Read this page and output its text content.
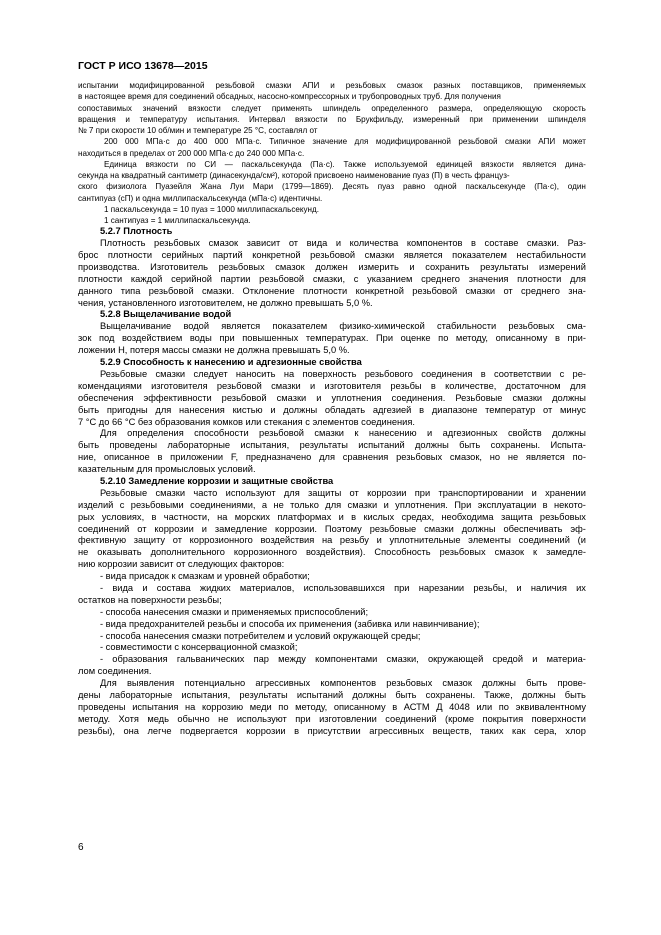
ГОСТ Р ИСО 13678—2015
испытании модифицированной резьбовой смазки АПИ и резьбовых смазок разных поставщиков, применяемых
в настоящее время для соединений обсадных, насосно-компрессорных и трубопроводных труб. Для получения
сопоставимых значений вязкости следует применять шпиндель определенного размера, определяющую скорость
вращения и температуру испытания. Интервал вязкости по Брукфильду, измеренный при применении шпинделя
№ 7 при скорости 10 об/мин и температуре 25 °С, составлял от
200 000 МПа·с до 400 000 МПа·с. Типичное значение для модифицированной резьбовой смазки АПИ может
находиться в пределах от 200 000 МПа·с до 240 000 МПа·с.
Единица вязкости по СИ — паскальсекунда (Па·с). Также используемой единицей вязкости является дина-
секунда на квадратный сантиметр (динасекунда/см²), которой присвоено наименование пуаз (П) в честь француз-
ского физиолога Пуазейля Жана Луи Мари (1799—1869). Десять пуаз равно одной паскальсекунде (Па·с), один
сантипуаз (сП) и одна миллипаскальсекунда (мПа·с) идентичны.
1 паскальсекунда = 10 пуаз = 1000 миллипаскальсекунд.
1 сантипуаз = 1 миллипаскальсекунда.
5.2.7 Плотность
Плотность резьбовых смазок зависит от вида и количества компонентов в составе смазки. Раз-
брос плотности серийных партий конкретной резьбовой смазки является показателем нестабильности
производства. Изготовитель резьбовых смазок должен измерить и сохранить результаты измерений
плотности каждой серийной партии резьбовой смазки, с указанием среднего значения плотности для
данного типа резьбовой смазки. Отклонение плотности конкретной резьбовой смазки от среднего зна-
чения, установленного изготовителем, не должно превышать 5,0 %.
5.2.8 Выщелачивание водой
Выщелачивание водой является показателем физико-химической стабильности резьбовых сма-
зок под воздействием воды при повышенных температурах. При оценке по методу, описанному в при-
ложении Н, потеря массы смазки не должна превышать 5,0 %.
5.2.9 Способность к нанесению и адгезионные свойства
Резьбовые смазки следует наносить на поверхность резьбового соединения в соответствии с ре-
комендациями изготовителя резьбовой смазки и изготовителя резьбы в количестве, достаточном для
обеспечения эффективности резьбовой смазки и уплотнения соединения. Резьбовые смазки должны
быть пригодны для нанесения кистью и должны обладать адгезией в диапазоне температур от минус
7 °С до 66 °С без образования комков или стекания с элементов соединения.
Для определения способности резьбовой смазки к нанесению и адгезионных свойств должны
быть проведены лабораторные испытания, результаты испытаний должны быть сохранены. Испыта-
ние, описанное в приложении F, предназначено для сравнения резьбовых смазок, но не является по-
казательным для промысловых условий.
5.2.10 Замедление коррозии и защитные свойства
Резьбовые смазки часто используют для защиты от коррозии при транспортировании и хранении
изделий с резьбовыми соединениями, а не только для смазки и уплотнения. При эксплуатации в некото-
рых условиях, в частности, на морских платформах и в кислых средах, необходима защита резьбовых
соединений от коррозии и замедление коррозии. Поэтому резьбовые смазки должны обеспечивать эф-
фективную защиту от коррозионного воздействия на резьбу и уплотнительные элементы соединений (и
не оказывать дополнительного коррозионного воздействия). Способность резьбовых смазок к замедле-
нию коррозии зависит от следующих факторов:
- вида присадок к смазкам и уровней обработки;
- вида и состава жидких материалов, использовавшихся при нарезании резьбы, и наличия их
остатков на поверхности резьбы;
- способа нанесения смазки и применяемых приспособлений;
- вида предохранителей резьбы и способа их применения (забивка или навинчивание);
- способа нанесения смазки потребителем и условий окружающей среды;
- совместимости с консервационной смазкой;
- образования гальванических пар между компонентами смазки, окружающей средой и материа-
лом соединения.
Для выявления потенциально агрессивных компонентов резьбовых смазок должны быть прове-
дены лабораторные испытания, результаты испытаний должны быть сохранены. Также, должны быть
проведены испытания на коррозию меди по методу, описанному в АСТМ Д 4048 или по эквивалентному
методу. Хотя медь обычно не используют при изготовлении соединений (кроме покрытия поверхности
резьбы), она легче подвергается коррозии в присутствии агрессивных веществ, таких как сера, хлор
6
